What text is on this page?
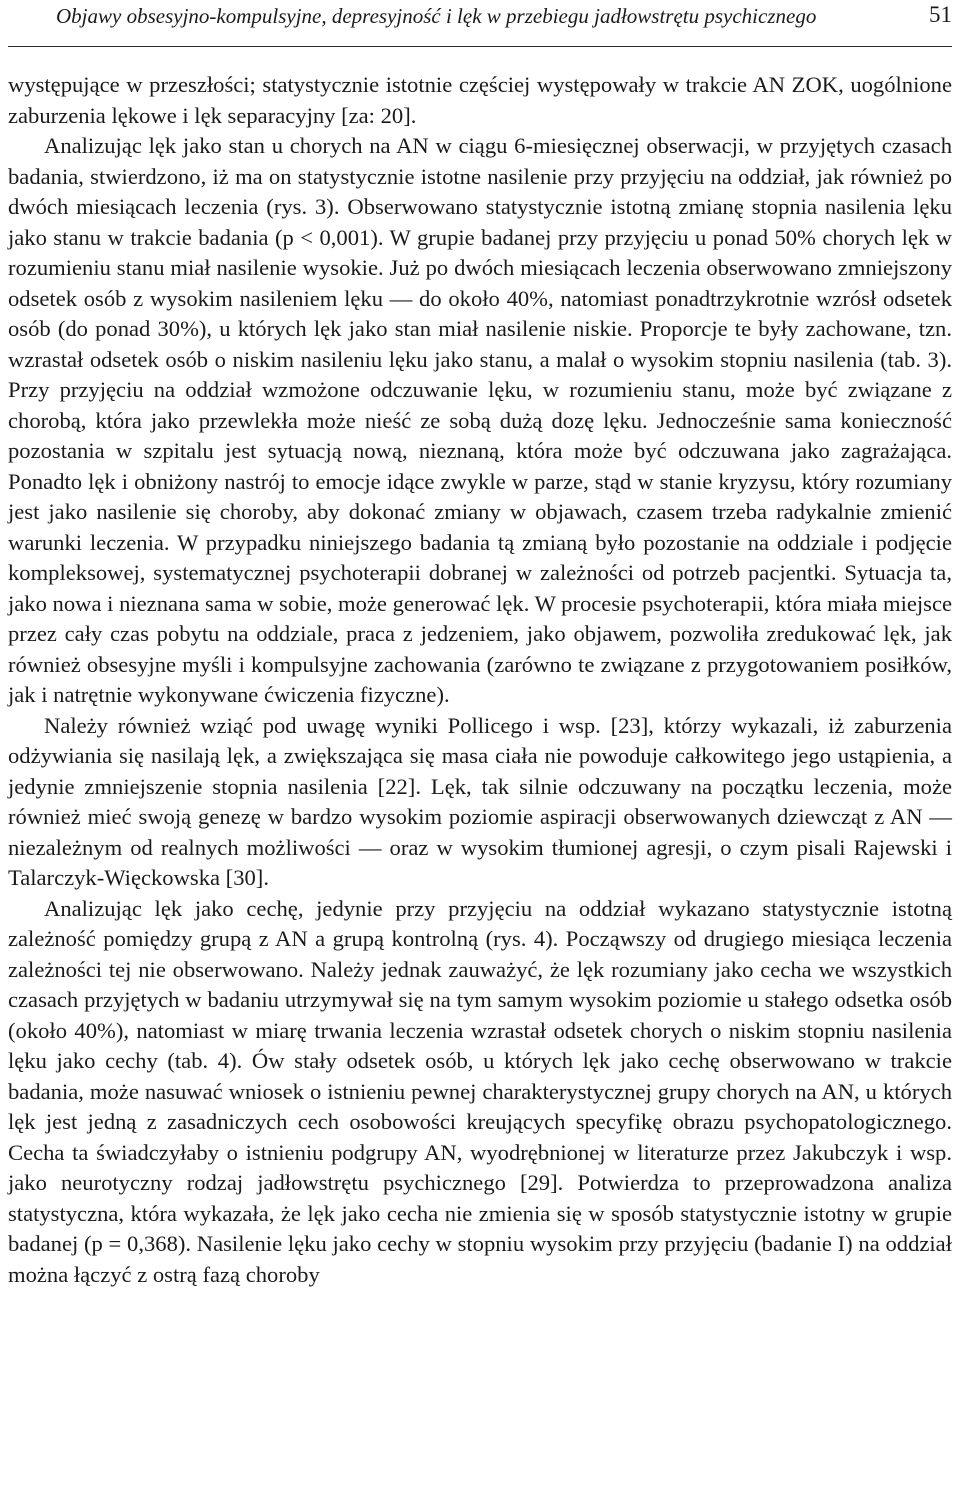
Objawy obsesyjno-kompulsyjne, depresyjność i lęk w przebiegu jadłowstrętu psychicznego	51

występujące w przeszłości; statystycznie istotnie częściej występowały w trakcie AN ZOK, uogólnione zaburzenia lękowe i lęk separacyjny [za: 20].

Analizując lęk jako stan u chorych na AN w ciągu 6-miesięcznej obserwacji, w przyjętych czasach badania, stwierdzono, iż ma on statystycznie istotne nasilenie przy przyjęciu na oddział, jak również po dwóch miesiącach leczenia (rys. 3). Obserwowano statystycznie istotną zmianę stopnia nasilenia lęku jako stanu w trakcie badania (p < 0,001). W grupie badanej przy przyjęciu u ponad 50% chorych lęk w rozumieniu stanu miał nasilenie wysokie. Już po dwóch miesiącach leczenia obserwowano zmniejszony odsetek osób z wysokim nasileniem lęku — do około 40%, natomiast ponadtrzykrotnie wzrósł odsetek osób (do ponad 30%), u których lęk jako stan miał nasilenie niskie. Proporcje te były zachowane, tzn. wzrastał odsetek osób o niskim nasileniu lęku jako stanu, a malał o wysokim stopniu nasilenia (tab. 3). Przy przyjęciu na oddział wzmożone odczuwanie lęku, w rozumieniu stanu, może być związane z chorobą, która jako przewlekła może nieść ze sobą dużą dozę lęku. Jednocześnie sama konieczność pozostania w szpitalu jest sytuacją nową, nieznaną, która może być odczuwana jako zagrażająca. Ponadto lęk i obniżony nastrój to emocje idące zwykle w parze, stąd w stanie kryzysu, który rozumiany jest jako nasilenie się choroby, aby dokonać zmiany w objawach, czasem trzeba radykalnie zmienić warunki leczenia. W przypadku niniejszego badania tą zmianą było pozostanie na oddziale i podjęcie kompleksowej, systematycznej psychoterapii dobranej w zależności od potrzeb pacjentki. Sytuacja ta, jako nowa i nieznana sama w sobie, może generować lęk. W procesie psychoterapii, która miała miejsce przez cały czas pobytu na oddziale, praca z jedzeniem, jako objawem, pozwoliła zredukować lęk, jak również obsesyjne myśli i kompulsyjne zachowania (zarówno te związane z przygotowaniem posiłków, jak i natrętnie wykonywane ćwiczenia fizyczne).

Należy również wziąć pod uwagę wyniki Pollicego i wsp. [23], którzy wykazali, iż zaburzenia odżywiania się nasilają lęk, a zwiększająca się masa ciała nie powoduje całkowitego jego ustąpienia, a jedynie zmniejszenie stopnia nasilenia [22]. Lęk, tak silnie odczuwany na początku leczenia, może również mieć swoją genezę w bardzo wysokim poziomie aspiracji obserwowanych dziewcząt z AN — niezależnym od realnych możliwości — oraz w wysokim tłumionej agresji, o czym pisali Rajewski i Talarczyk-Więckowska [30].

Analizując lęk jako cechę, jedynie przy przyjęciu na oddział wykazano statystycznie istotną zależność pomiędzy grupą z AN a grupą kontrolną (rys. 4). Począwszy od drugiego miesiąca leczenia zależności tej nie obserwowano. Należy jednak zauważyć, że lęk rozumiany jako cecha we wszystkich czasach przyjętych w badaniu utrzymywał się na tym samym wysokim poziomie u stałego odsetka osób (około 40%), natomiast w miarę trwania leczenia wzrastał odsetek chorych o niskim stopniu nasilenia lęku jako cechy (tab. 4). Ów stały odsetek osób, u których lęk jako cechę obserwowano w trakcie badania, może nasuwać wniosek o istnieniu pewnej charakterystycznej grupy chorych na AN, u których lęk jest jedną z zasadniczych cech osobowości kreujących specyfikę obrazu psychopatologicznego. Cecha ta świadczyłaby o istnieniu podgrupy AN, wyodrębnionej w literaturze przez Jakubczyk i wsp. jako neurotyczny rodzaj jadłowstrętu psychicznego [29]. Potwierdza to przeprowadzona analiza statystyczna, która wykazała, że lęk jako cecha nie zmienia się w sposób statystycznie istotny w grupie badanej (p = 0,368). Nasilenie lęku jako cechy w stopniu wysokim przy przyjęciu (badanie I) na oddział można łączyć z ostrą fazą choroby
